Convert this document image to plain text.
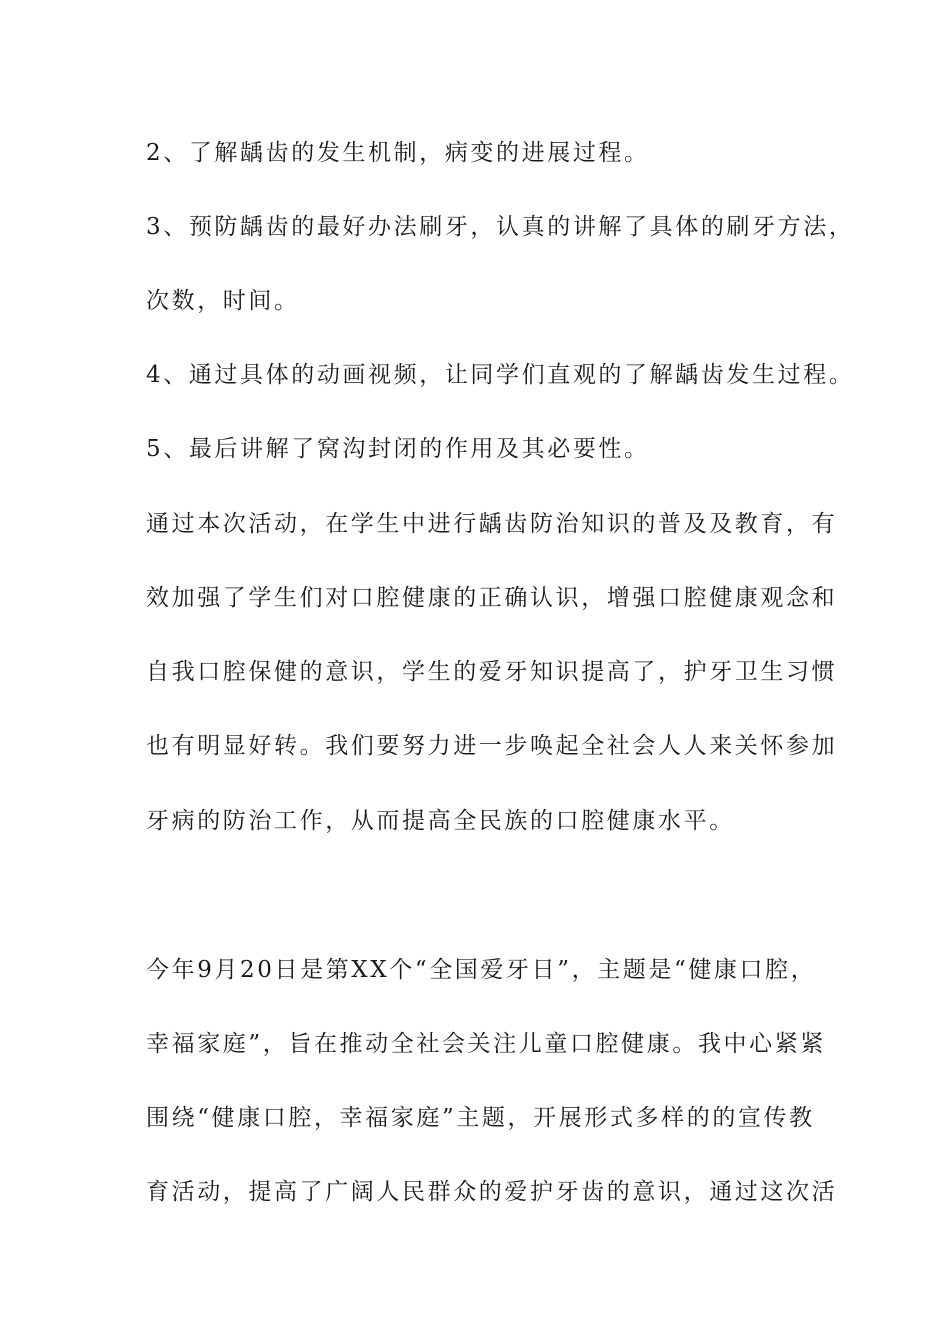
2、了解龋齿的发生机制，病变的进展过程。
3、预防龋齿的最好办法刷牙，认真的讲解了具体的刷牙方法，
次数，时间。
4、通过具体的动画视频，让同学们直观的了解龋齿发生过程。
5、最后讲解了窝沟封闭的作用及其必要性。
通过本次活动，在学生中进行龋齿防治知识的普及及教育，有
效加强了学生们对口腔健康的正确认识，增强口腔健康观念和
自我口腔保健的意识，学生的爱牙知识提高了，护牙卫生习惯
也有明显好转。我们要努力进一步唤起全社会人人来关怀参加
牙病的防治工作，从而提高全民族的口腔健康水平。
今年9月20日是第XX个“全国爱牙日”，主题是“健康口腔，
幸福家庭”，旨在推动全社会关注儿童口腔健康。我中心紧紧
围绕“健康口腔，幸福家庭”主题，开展形式多样的的宣传教
育活动，提高了广阔人民群众的爱护牙齿的意识，通过这次活
